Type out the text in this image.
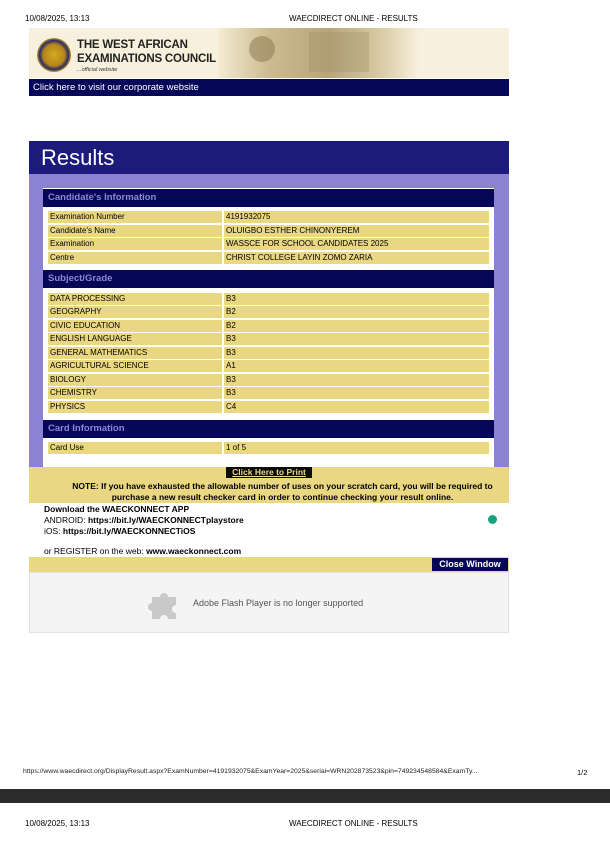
10/08/2025, 13:13	WAECDIRECT ONLINE - RESULTS
THE WEST AFRICAN
EXAMINATIONS COUNCIL
...official website
Click here to visit our corporate website
Results
Candidate's Information
Examination Number	4191932075
Candidate's Name	OLUIGBO ESTHER CHINONYEREM
Examination	WASSCE FOR SCHOOL CANDIDATES 2025
Centre	CHRIST COLLEGE LAYIN ZOMO ZARIA
Subject/Grade
DATA PROCESSING	B3
GEOGRAPHY	B2
CIVIC EDUCATION	B2
ENGLISH LANGUAGE	B3
GENERAL MATHEMATICS	B3
AGRICULTURAL SCIENCE	A1
BIOLOGY	B3
CHEMISTRY	B3
PHYSICS	C4
Card Information
Card Use	1 of 5
Click Here to Print
NOTE: If you have exhausted the allowable number of uses on your scratch card, you will be required to
purchase a new result checker card in order to continue checking your result online.
Download the WAECKONNECT APP
ANDROID: https://bit.ly/WAECKONNECTplaystore
iOS: https://bit.ly/WAECKONNECTiOS
or REGISTER on the web: www.waeckonnect.com
Close Window
Adobe Flash Player is no longer supported
https://www.waecdirect.org/DisplayResult.aspx?ExamNumber=4191932075&ExamYear=2025&serial=WRN202873523&pin=749234548584&ExamTy...	1/2
10/08/2025, 13:13	WAECDIRECT ONLINE - RESULTS
